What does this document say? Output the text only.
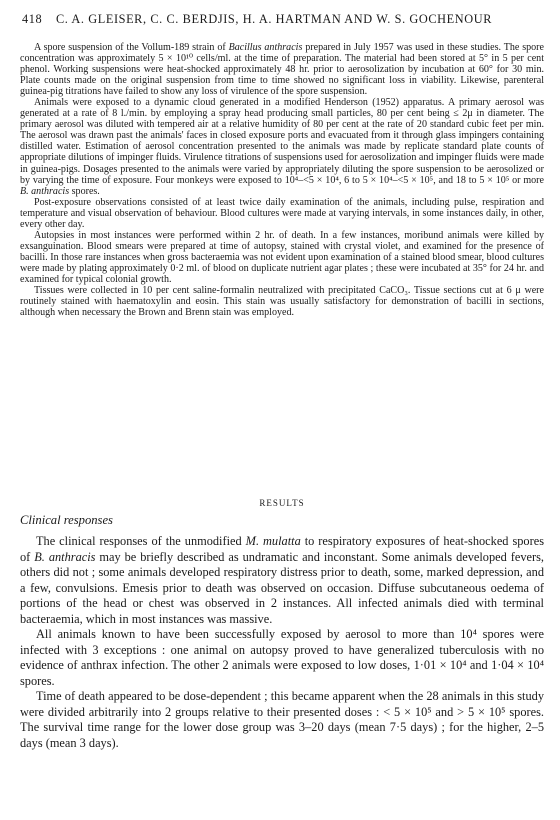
418 C. A. GLEISER, C. C. BERDJIS, H. A. HARTMAN AND W. S. GOCHENOUR

A spore suspension of the Vollum-189 strain of Bacillus anthracis prepared in July 1957 was used in these studies. The spore concentration was approximately 5 × 10¹⁰ cells/ml. at the time of preparation. The material had been stored at 5° in 5 per cent phenol. Working suspensions were heat-shocked approximately 48 hr. prior to aerosolization by incubation at 60° for 30 min. Plate counts made on the original suspension from time to time showed no significant loss in viability. Likewise, parenteral guinea-pig titrations have failed to show any loss of virulence of the spore suspension.

Animals were exposed to a dynamic cloud generated in a modified Henderson (1952) apparatus. A primary aerosol was generated at a rate of 8 l./min. by employing a spray head producing small particles, 80 per cent being ≤ 2μ in diameter. The primary aerosol was diluted with tempered air at a relative humidity of 80 per cent at the rate of 20 standard cubic feet per min. The aerosol was drawn past the animals' faces in closed exposure ports and evacuated from it through glass impingers containing distilled water. Estimation of aerosol concentration presented to the animals was made by replicate standard plate counts of appropriate dilutions of impinger fluids. Virulence titrations of suspensions used for aerosolization and impinger fluids were made in guinea-pigs. Dosages presented to the animals were varied by appropriately diluting the spore suspension to be aerosolized or by varying the time of exposure. Four monkeys were exposed to 10⁴–<5 × 10⁴, 6 to 5 × 10⁴–<5 × 10⁵, and 18 to 5 × 10⁵ or more B. anthracis spores.

Post-exposure observations consisted of at least twice daily examination of the animals, including pulse, respiration and temperature and visual observation of behaviour. Blood cultures were made at varying intervals, in some instances daily, in other, every other day.

Autopsies in most instances were performed within 2 hr. of death. In a few instances, moribund animals were killed by exsanguination. Blood smears were prepared at time of autopsy, stained with crystal violet, and examined for the presence of bacilli. In those rare instances when gross bacteraemia was not evident upon examination of a stained blood smear, blood cultures were made by plating approximately 0·2 ml. of blood on duplicate nutrient agar plates ; these were incubated at 35° for 24 hr. and examined for typical colonial growth.

Tissues were collected in 10 per cent saline-formalin neutralized with precipitated CaCO₃. Tissue sections cut at 6 μ were routinely stained with haematoxylin and eosin. This stain was usually satisfactory for demonstration of bacilli in sections, although when necessary the Brown and Brenn stain was employed.

RESULTS
Clinical responses

The clinical responses of the unmodified M. mulatta to respiratory exposures of heat-shocked spores of B. anthracis may be briefly described as undramatic and inconstant. Some animals developed fevers, others did not ; some animals developed respiratory distress prior to death, some, marked depression, and a few, convulsions. Emesis prior to death was observed on occasion. Diffuse subcutaneous oedema of portions of the head or chest was observed in 2 instances. All infected animals died with terminal bacteraemia, which in most instances was massive.

All animals known to have been successfully exposed by aerosol to more than 10⁴ spores were infected with 3 exceptions : one animal on autopsy proved to have generalized tuberculosis with no evidence of anthrax infection. The other 2 animals were exposed to low doses, 1·01 × 10⁴ and 1·04 × 10⁴ spores.

Time of death appeared to be dose-dependent ; this became apparent when the 28 animals in this study were divided arbitrarily into 2 groups relative to their presented doses : < 5 × 10⁵ and > 5 × 10⁵ spores. The survival time range for the lower dose group was 3–20 days (mean 7·5 days) ; for the higher, 2–5 days (mean 3 days).
